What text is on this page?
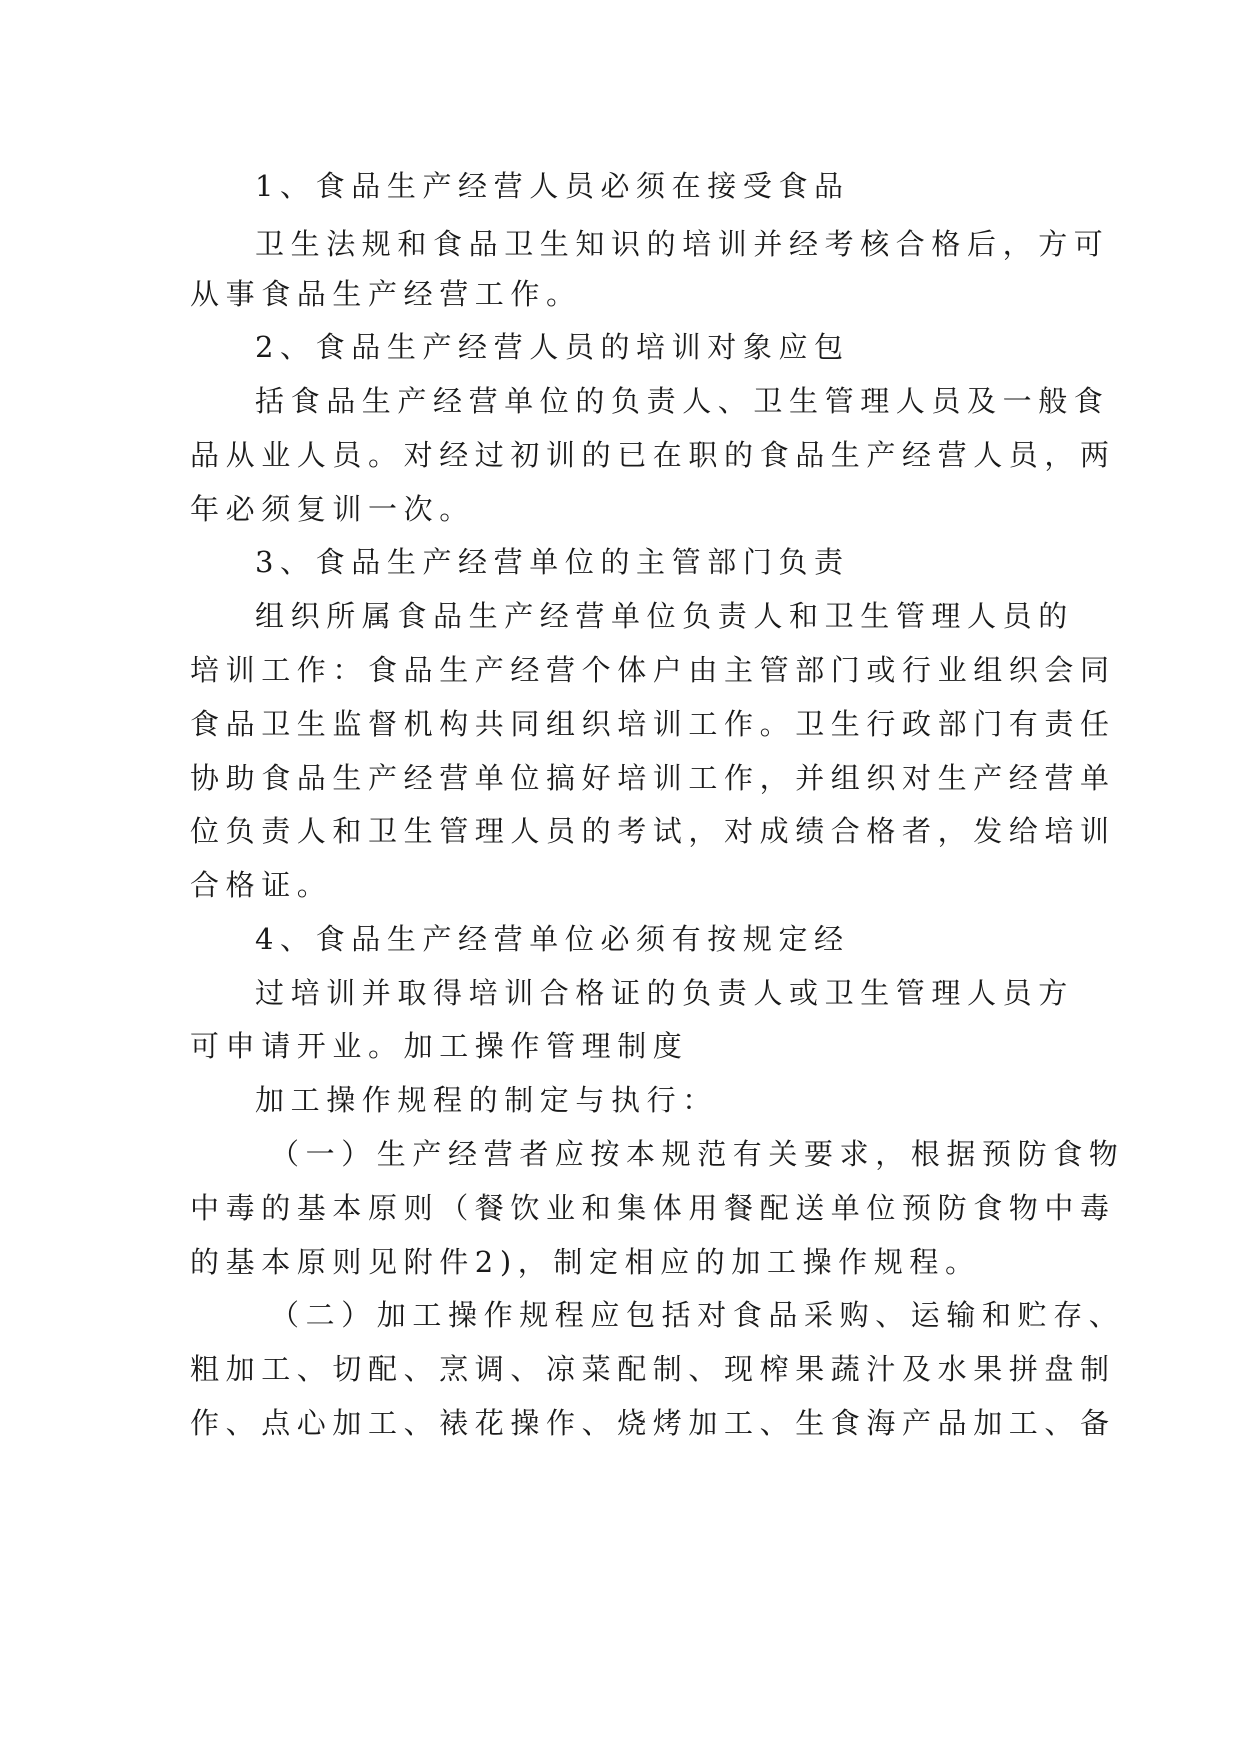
1、食品生产经营人员必须在接受食品
卫生法规和食品卫生知识的培训并经考核合格后，方可
从事食品生产经营工作。
2、食品生产经营人员的培训对象应包
括食品生产经营单位的负责人、卫生管理人员及一般食
品从业人员。对经过初训的已在职的食品生产经营人员，两
年必须复训一次。
3、食品生产经营单位的主管部门负责
组织所属食品生产经营单位负责人和卫生管理人员的
培训工作：食品生产经营个体户由主管部门或行业组织会同
食品卫生监督机构共同组织培训工作。卫生行政部门有责任
协助食品生产经营单位搞好培训工作，并组织对生产经营单
位负责人和卫生管理人员的考试，对成绩合格者，发给培训
合格证。
4、食品生产经营单位必须有按规定经
过培训并取得培训合格证的负责人或卫生管理人员方
可申请开业。加工操作管理制度
加工操作规程的制定与执行：
（一）生产经营者应按本规范有关要求，根据预防食物
中毒的基本原则（餐饮业和集体用餐配送单位预防食物中毒
的基本原则见附件2)，制定相应的加工操作规程。
（二）加工操作规程应包括对食品采购、运输和贮存、
粗加工、切配、烹调、凉菜配制、现榨果蔬汁及水果拼盘制
作、点心加工、裱花操作、烧烤加工、生食海产品加工、备
